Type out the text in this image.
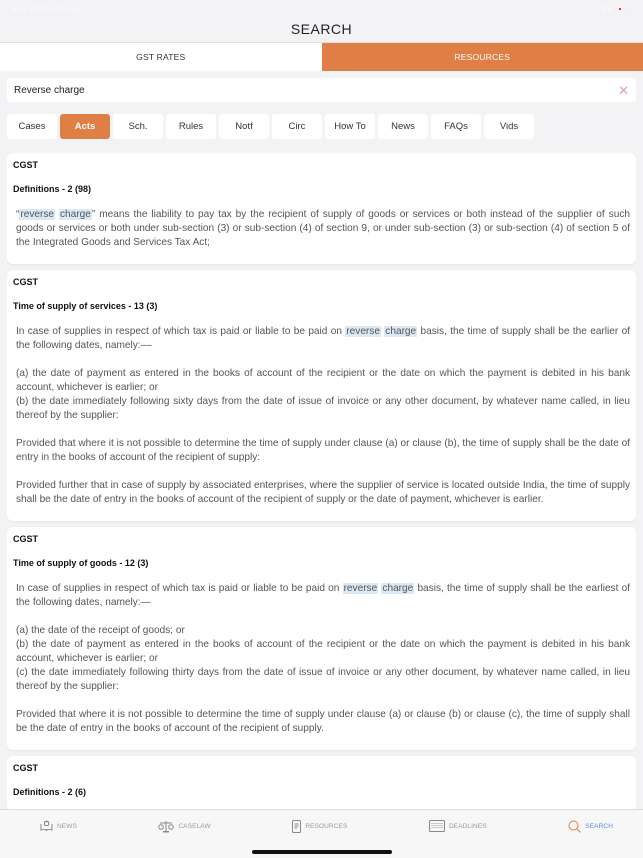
4:01 AM Fri 23 Aug	9%
SEARCH
GST RATES	RESOURCES
Reverse charge
✕
Cases	Acts	Sch.	Rules	Notf	Circ	How To	News	FAQs	Vids
CGST
Definitions - 2 (98)

“reverse charge” means the liability to pay tax by the recipient of supply of goods or services or both instead of the supplier of such goods or services or both under sub-section (3) or sub-section (4) of section 9, or under sub-section (3) or sub-section (4) of section 5 of the Integrated Goods and Services Tax Act;

CGST
Time of supply of services - 13 (3)

In case of supplies in respect of which tax is paid or liable to be paid on reverse charge basis, the time of supply shall be the earlier of the following dates, namely:––

(a) the date of payment as entered in the books of account of the recipient or the date on which the payment is debited in his bank account, whichever is earlier; or

(b) the date immediately following sixty days from the date of issue of invoice or any other document, by whatever name called, in lieu thereof by the supplier:

Provided that where it is not possible to determine the time of supply under clause (a) or clause (b), the time of supply shall be the date of entry in the books of account of the recipient of supply:

Provided further that in case of supply by associated enterprises, where the supplier of service is located outside India, the time of supply shall be the date of entry in the books of account of the recipient of supply or the date of payment, whichever is earlier.

CGST
Time of supply of goods - 12 (3)

In case of supplies in respect of which tax is paid or liable to be paid on reverse charge basis, the time of supply shall be the earliest of the following dates, namely:—

(a) the date of the receipt of goods; or

(b) the date of payment as entered in the books of account of the recipient or the date on which the payment is debited in his bank account, whichever is earlier; or

(c) the date immediately following thirty days from the date of issue of invoice or any other document, by whatever name called, in lieu thereof by the supplier:

Provided that where it is not possible to determine the time of supply under clause (a) or clause (b) or clause (c), the time of supply shall be the date of entry in the books of account of the recipient of supply.

CGST
Definitions - 2 (6)
NEWS	CASELAW	RESOURCES	DEADLINES	SEARCH
